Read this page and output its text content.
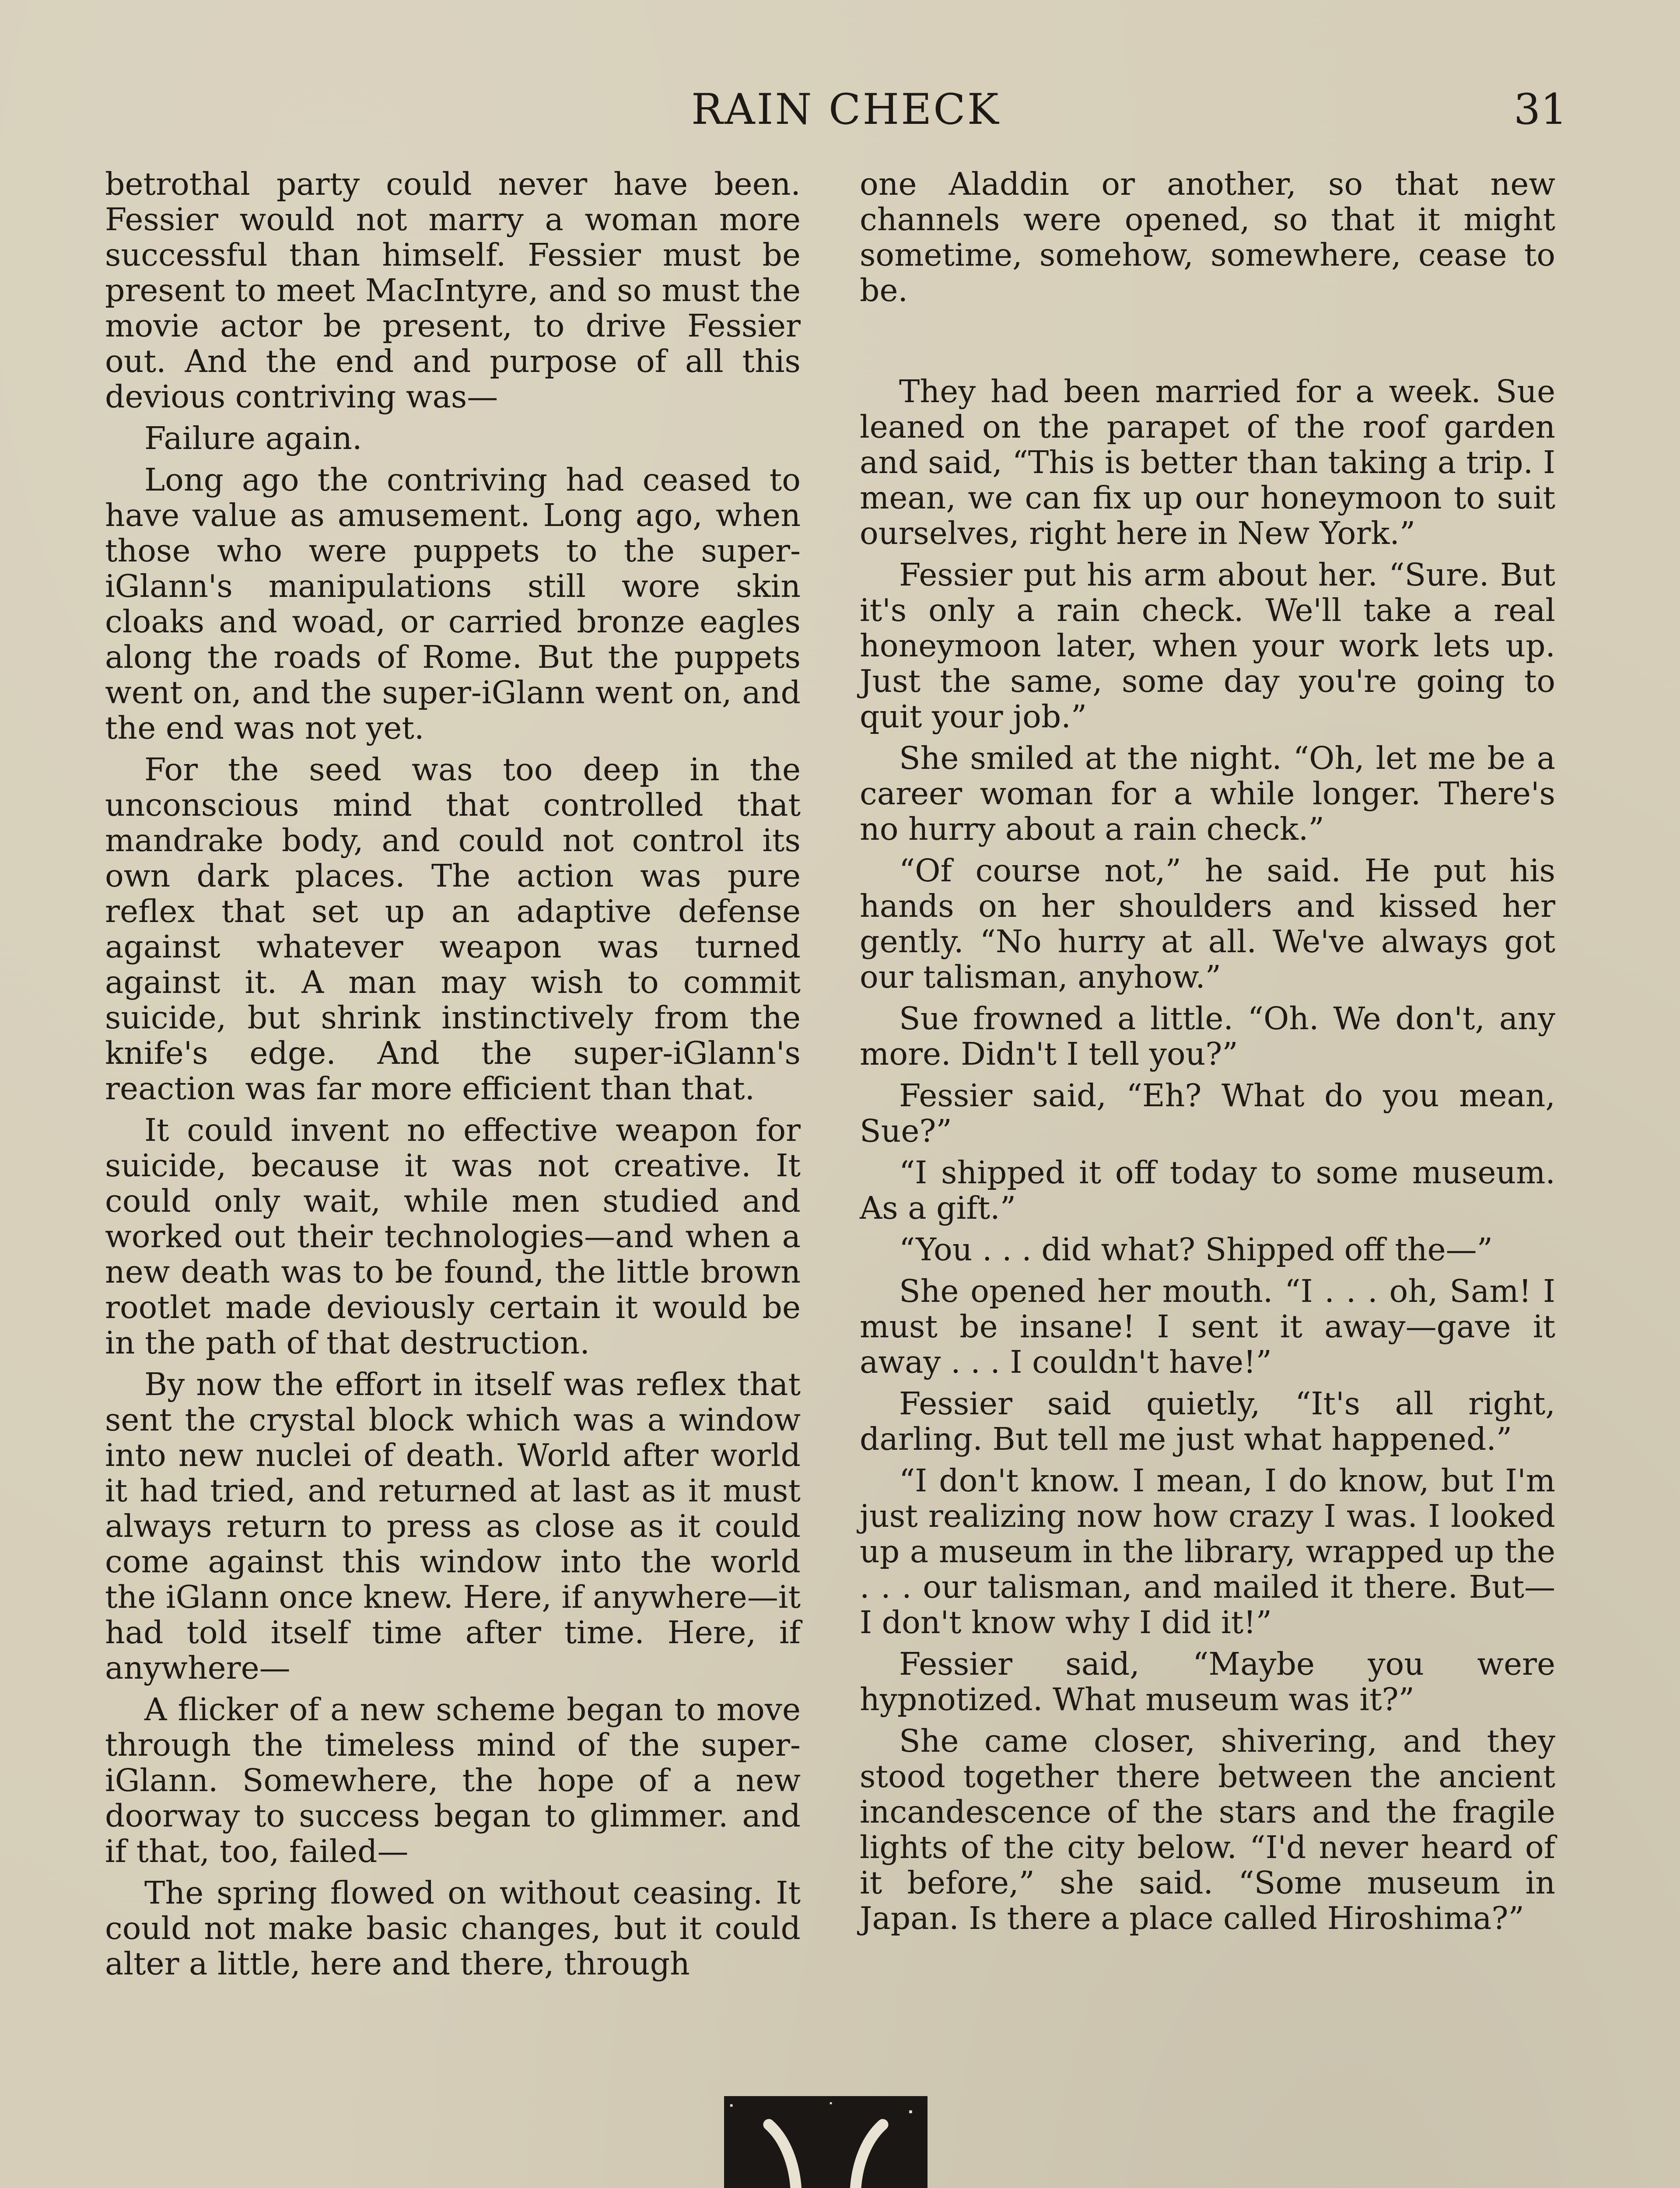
RAIN CHECK	31

betrothal party could never have been. Fessier would not marry a woman more successful than himself. Fessier must be present to meet MacIntyre, and so must the movie actor be present, to drive Fessier out. And the end and purpose of all this devious contriving was—

Failure again.

Long ago the contriving had ceased to have value as amusement. Long ago, when those who were puppets to the super-iGlann's manipulations still wore skin cloaks and woad, or carried bronze eagles along the roads of Rome. But the puppets went on, and the super-iGlann went on, and the end was not yet.

For the seed was too deep in the unconscious mind that controlled that mandrake body, and could not control its own dark places. The action was pure reflex that set up an adaptive defense against whatever weapon was turned against it. A man may wish to commit suicide, but shrink instinctively from the knife's edge. And the super-iGlann's reaction was far more efficient than that.

It could invent no effective weapon for suicide, because it was not creative. It could only wait, while men studied and worked out their technologies—and when a new death was to be found, the little brown rootlet made deviously certain it would be in the path of that destruction.

By now the effort in itself was reflex that sent the crystal block which was a window into new nuclei of death. World after world it had tried, and returned at last as it must always return to press as close as it could come against this window into the world the iGlann once knew. Here, if anywhere—it had told itself time after time. Here, if anywhere—

A flicker of a new scheme began to move through the timeless mind of the super-iGlann. Somewhere, the hope of a new doorway to success began to glimmer. and if that, too, failed—

The spring flowed on without ceasing. It could not make basic changes, but it could alter a little, here and there, through

one Aladdin or another, so that new channels were opened, so that it might sometime, somehow, somewhere, cease to be.

They had been married for a week. Sue leaned on the parapet of the roof garden and said, “This is better than taking a trip. I mean, we can fix up our honeymoon to suit ourselves, right here in New York.”

Fessier put his arm about her. “Sure. But it's only a rain check. We'll take a real honeymoon later, when your work lets up. Just the same, some day you're going to quit your job.”

She smiled at the night. “Oh, let me be a career woman for a while longer. There's no hurry about a rain check.”

“Of course not,” he said. He put his hands on her shoulders and kissed her gently. “No hurry at all. We've always got our talisman, anyhow.”

Sue frowned a little. “Oh. We don't, any more. Didn't I tell you?”

Fessier said, “Eh? What do you mean, Sue?”

“I shipped it off today to some museum. As a gift.”

“You . . . did what? Shipped off the—”

She opened her mouth. “I . . . oh, Sam! I must be insane! I sent it away—gave it away . . . I couldn't have!”

Fessier said quietly, “It's all right, darling. But tell me just what happened.”

“I don't know. I mean, I do know, but I'm just realizing now how crazy I was. I looked up a museum in the library, wrapped up the . . . our talisman, and mailed it there. But—I don't know why I did it!”

Fessier said, “Maybe you were hypnotized. What museum was it?”

She came closer, shivering, and they stood together there between the ancient incandescence of the stars and the fragile lights of the city below. “I'd never heard of it before,” she said. “Some museum in Japan. Is there a place called Hiroshima?”
